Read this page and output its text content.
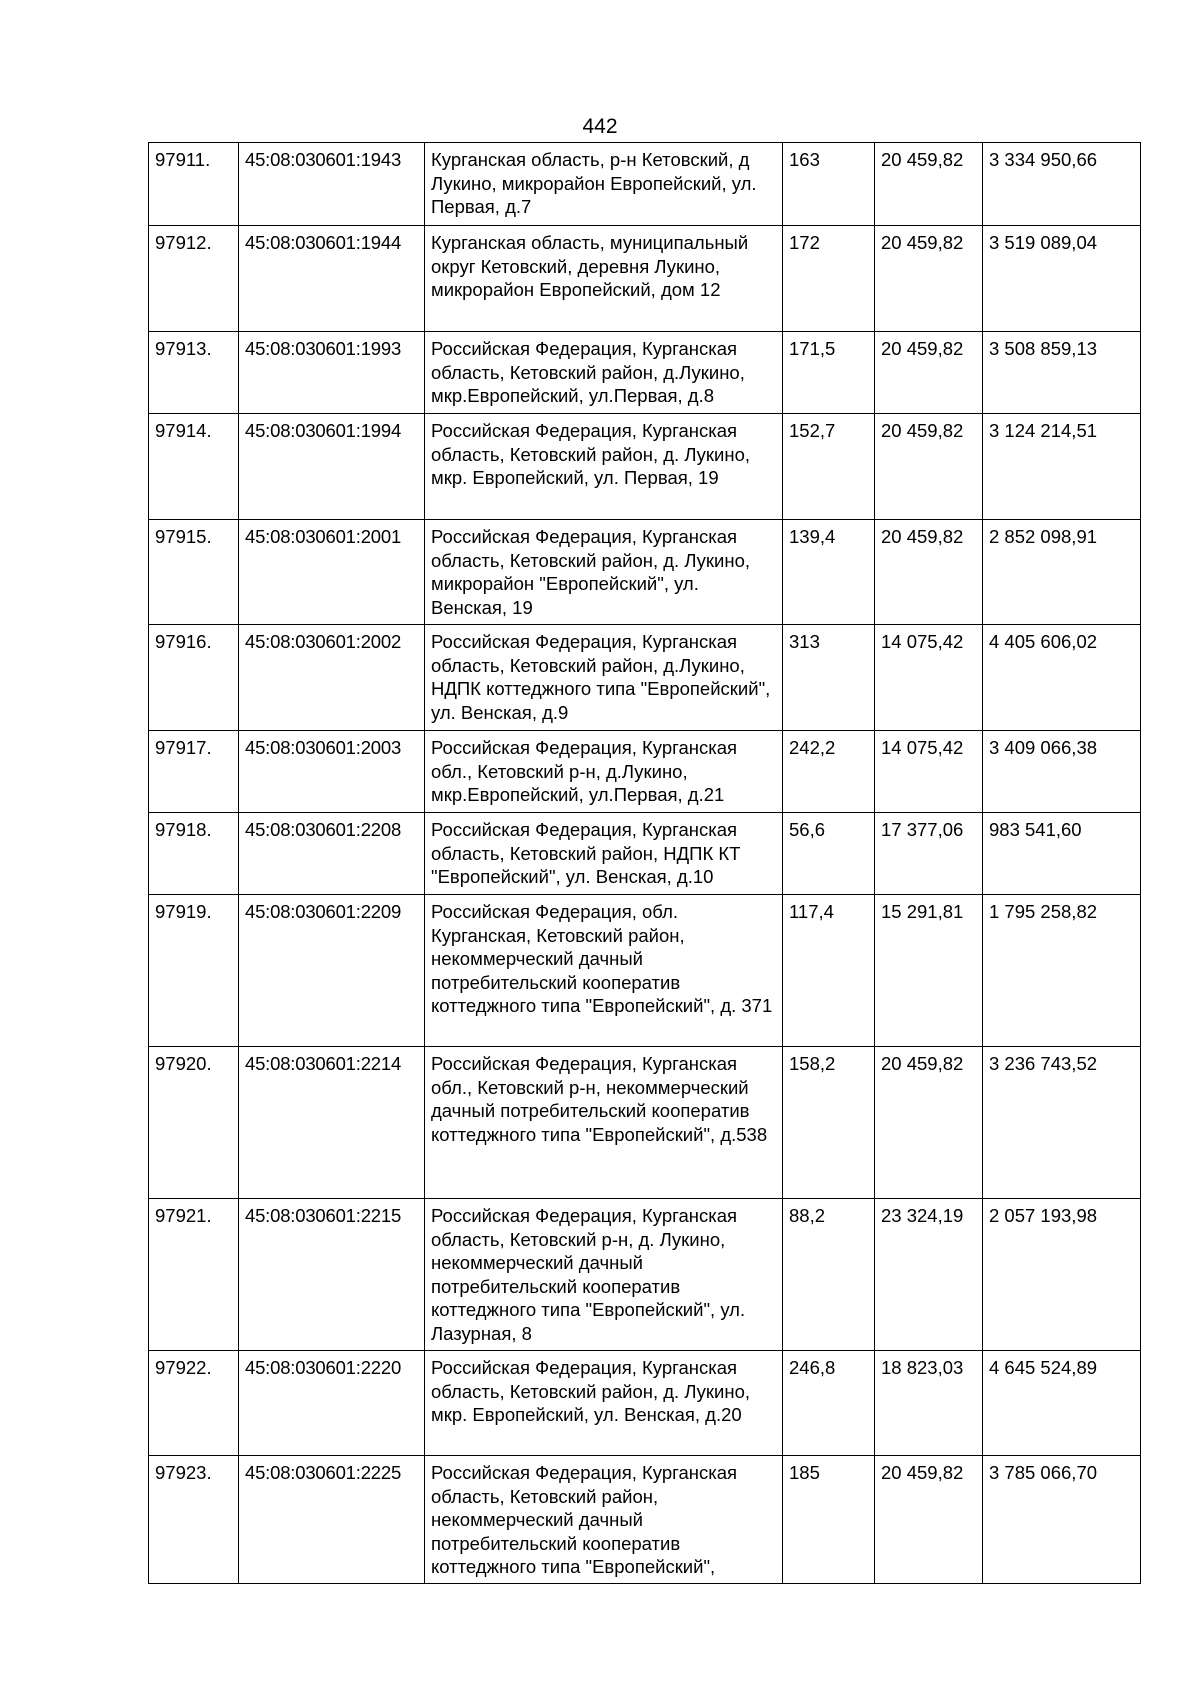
442
97911.	45:08:030601:1943	Курганская область, р-н Кетовский, д Лукино, микрорайон Европейский, ул. Первая, д.7	163	20 459,82	3 334 950,66
97912.	45:08:030601:1944	Курганская область, муниципальный округ Кетовский, деревня Лукино, микрорайон Европейский, дом 12	172	20 459,82	3 519 089,04
97913.	45:08:030601:1993	Российская Федерация, Курганская область, Кетовский район, д.Лукино, мкр.Европейский, ул.Первая, д.8	171,5	20 459,82	3 508 859,13
97914.	45:08:030601:1994	Российская Федерация, Курганская область, Кетовский район, д. Лукино, мкр. Европейский, ул. Первая, 19	152,7	20 459,82	3 124 214,51
97915.	45:08:030601:2001	Российская Федерация, Курганская область, Кетовский район, д. Лукино, микрорайон "Европейский", ул. Венская, 19	139,4	20 459,82	2 852 098,91
97916.	45:08:030601:2002	Российская Федерация, Курганская область, Кетовский район, д.Лукино, НДПК коттеджного типа "Европейский", ул. Венская, д.9	313	14 075,42	4 405 606,02
97917.	45:08:030601:2003	Российская Федерация, Курганская обл., Кетовский р-н, д.Лукино, мкр.Европейский, ул.Первая, д.21	242,2	14 075,42	3 409 066,38
97918.	45:08:030601:2208	Российская Федерация, Курганская область, Кетовский район, НДПК КТ "Европейский", ул. Венская, д.10	56,6	17 377,06	983 541,60
97919.	45:08:030601:2209	Российская Федерация, обл. Курганская, Кетовский район, некоммерческий дачный потребительский кооператив коттеджного типа "Европейский", д. 371	117,4	15 291,81	1 795 258,82
97920.	45:08:030601:2214	Российская Федерация, Курганская обл., Кетовский р-н, некоммерческий дачный потребительский кооператив коттеджного типа "Европейский", д.538	158,2	20 459,82	3 236 743,52
97921.	45:08:030601:2215	Российская Федерация, Курганская область, Кетовский р-н, д. Лукино, некоммерческий дачный потребительский кооператив коттеджного типа "Европейский", ул. Лазурная, 8	88,2	23 324,19	2 057 193,98
97922.	45:08:030601:2220	Российская Федерация, Курганская область, Кетовский район, д. Лукино, мкр. Европейский, ул. Венская, д.20	246,8	18 823,03	4 645 524,89
97923.	45:08:030601:2225	Российская Федерация, Курганская область, Кетовский район, некоммерческий дачный потребительский кооператив коттеджного типа "Европейский",	185	20 459,82	3 785 066,70
